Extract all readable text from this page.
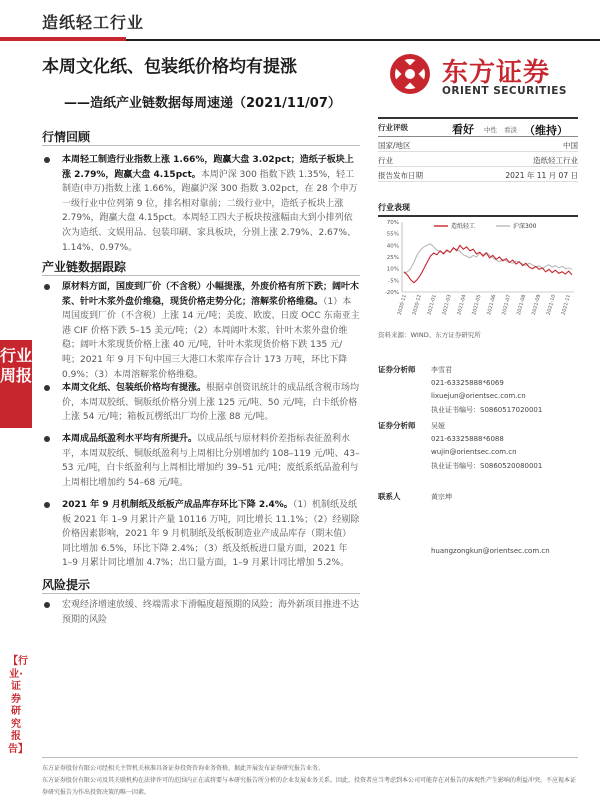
造纸轻工行业
本周文化纸、包装纸价格均有提涨
——造纸产业链数据每周速递（2021/11/07）
东方证券
ORIENT SECURITIES
行业周报
【行业·证券研究报告】
行情回顾
本周轻工制造行业指数上涨 1.66%，跑赢大盘 3.02pct；造纸子板块上涨 2.79%，跑赢大盘 4.15pct。本周沪深 300 指数下跌 1.35%，轻工制造(申万)指数上涨 1.66%，跑赢沪深 300 指数 3.02pct，在 28 个申万一级行业中位列第 9 位，排名相对靠前；二级行业中，造纸子板块上涨 2.79%，跑赢大盘 4.15pct。本周轻工四大子板块按涨幅由大到小排列依次为造纸、文娱用品、包装印刷、家具板块，分别上涨 2.79%、2.67%、1.14%、0.97%。
产业链数据跟踪
原材料方面，国废到厂价（不含税）小幅提涨，外废价格有所下跌；阔叶木浆、针叶木浆外盘价维稳，现货价格走势分化；溶解浆价格维稳。（1）本周国废到厂价（不含税）上涨 14 元/吨；美废、欧废、日废 OCC 东南亚主港 CIF 价格下跌 5–15 美元/吨；（2）本周阔叶木浆、针叶木浆外盘价维稳；阔叶木浆现货价格上涨 40 元/吨，针叶木浆现货价格下跌 135 元/吨；2021 年 9 月下旬中国三大港口木浆库存合计 173 万吨，环比下降 0.9%；（3）本周溶解浆价格维稳。
本周文化纸、包装纸价格均有提涨。根据卓创资讯统计的成品纸含税市场均价，本周双胶纸、铜版纸价格分别上涨 125 元/吨、50 元/吨，白卡纸价格上涨 54 元/吨；箱板瓦楞纸出厂均价上涨 88 元/吨。
本周成品纸盈利水平均有所提升。以成品纸与原材料价差指标表征盈利水平，本周双胶纸、铜版纸盈利与上周相比分别增加约 108–119 元/吨、43–53 元/吨，白卡纸盈利与上周相比增加约 39–51 元/吨；废纸系纸品盈利与上周相比增加约 54–68 元/吨。
2021 年 9 月机制纸及纸板产成品库存环比下降 2.4%。（1）机制纸及纸板 2021 年 1–9 月累计产量 10116 万吨，同比增长 11.1%；（2）经剔除价格因素影响，2021 年 9 月机制纸及纸板制造业产成品库存（期末值）同比增加 6.5%，环比下降 2.4%；（3）纸及纸板进口量方面，2021 年 1–9 月累计同比增加 4.7%；出口量方面，1–9 月累计同比增加 5.2%。
风险提示
宏观经济增速放缓、终端需求下滑幅度超预期的风险；海外新项目推进不达预期的风险
行业评级	看好 中性 看淡 （维持）
国家/地区	中国
行业	造纸轻工行业
报告发布日期	2021 年 11 月 07 日
行业表现
70%
55%
40%
25%
10%
-5%
-20%
2020-11 2020-12 2021-01 2021-03 2021-04 2021-05 2021-06 2021-07 2021-08 2021-09 2021-10 2021-11
造纸轻工	沪深300
资料来源：WIND、东方证券研究所
证券分析师 李雪君
021-63325888*6069
lixuejun@orientsec.com.cn
执业证书编号：S0860517020001
证券分析师 吴娅
021-63325888*6088
wujin@orientsec.com.cn
执业证书编号：S0860520080001
联系人	黄宗坤
huangzongkun@orientsec.com.cn
东方证券股份有限公司经相关主管机关核准具备证券投资咨询业务资格，据此开展发布证券研究报告业务。
东方证券股份有限公司及其关联机构在法律许可的范围内正在或将要与本研究报告所分析的企业发展业务关系。因此，投资者应当考虑到本公司可能存在对报告的客观性产生影响的利益冲突，不应视本证券研究报告为作出投资决策的唯一因素。
